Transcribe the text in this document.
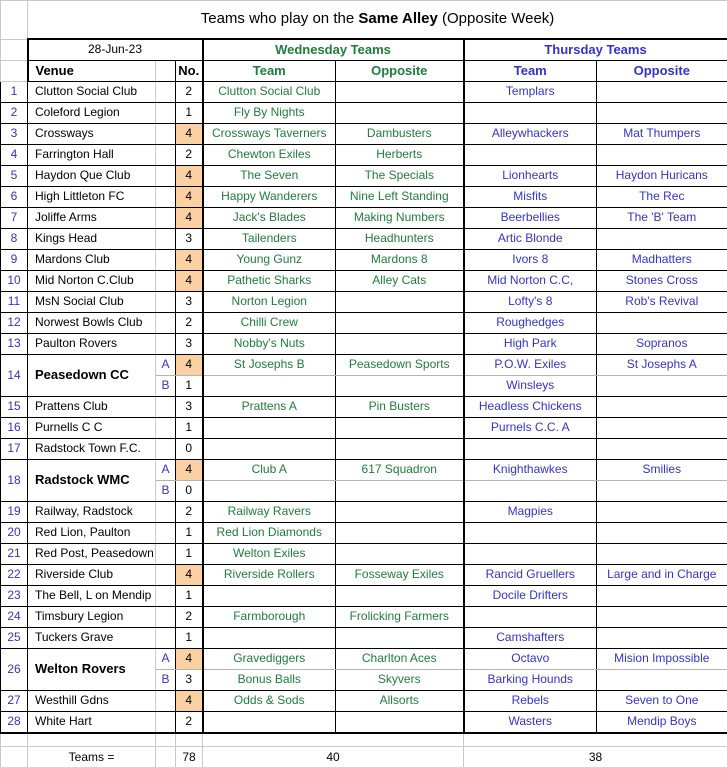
	Teams who play on the Same Alley (Opposite Week)						
	28-Jun-23			Wednesday Teams		Thursday Teams	
	Venue		No.	Team	Opposite	Team	Opposite
1	Clutton Social Club		2	Clutton Social Club		Templars	
2	Coleford Legion		1	Fly By Nights			
3	Crossways		4	Crossways Taverners	Dambusters	Alleywhackers	Mat Thumpers
4	Farrington Hall		2	Chewton Exiles	Herberts		
5	Haydon Que Club		4	The Seven	The Specials	Lionhearts	Haydon Huricans
6	High Littleton FC		4	Happy Wanderers	Nine Left Standing	Misfits	The Rec
7	Joliffe Arms		4	Jack's Blades	Making Numbers	Beerbellies	The 'B' Team
8	Kings Head		3	Tailenders	Headhunters	Artic Blonde	
9	Mardons Club		4	Young Gunz	Mardons 8	Ivors 8	Madhatters
10	Mid Norton C.Club		4	Pathetic Sharks	Alley Cats	Mid Norton C.C,	Stones Cross
11	MsN Social Club		3	Norton Legion		Lofty's 8	Rob's Revival
12	Norwest Bowls Club		2	Chilli Crew		Roughedges	
13	Paulton Rovers		3	Nobby's Nuts		High Park	Sopranos
14	Peasedown CC	A	4	St Josephs B	Peasedown Sports	P.O.W. Exiles	St Josephs A
		B	1			Winsleys	
15	Prattens Club		3	Prattens A	Pin Busters	Headless Chickens	
16	Purnells C C		1			Purnels C.C. A	
17	Radstock Town F.C.		0				
18	Radstock WMC	A	4	Club A	617 Squadron	Knighthawkes	Smilies
		B	0				
19	Railway, Radstock		2	Railway Ravers		Magpies	
20	Red Lion, Paulton		1	Red Lion Diamonds			
21	Red Post, Peasedown		1	Welton Exiles			
22	Riverside Club		4	Riverside Rollers	Fosseway Exiles	Rancid Gruellers	Large and in Charge
23	The Bell, L on Mendip		1			Docile Drifters	
24	Timsbury Legion		2	Farmborough	Frolicking Farmers		
25	Tuckers Grave		1			Camshafters	
26	Welton Rovers	A	4	Gravediggers	Charlton Aces	Octavo	Mision Impossible
		B	3	Bonus Balls	Skyvers	Barking Hounds	
27	Westhill Gdns		4	Odds & Sods	Allsorts	Rebels	Seven to One
28	White Hart		2			Wasters	Mendip Boys

	Teams =		78	40		38	
